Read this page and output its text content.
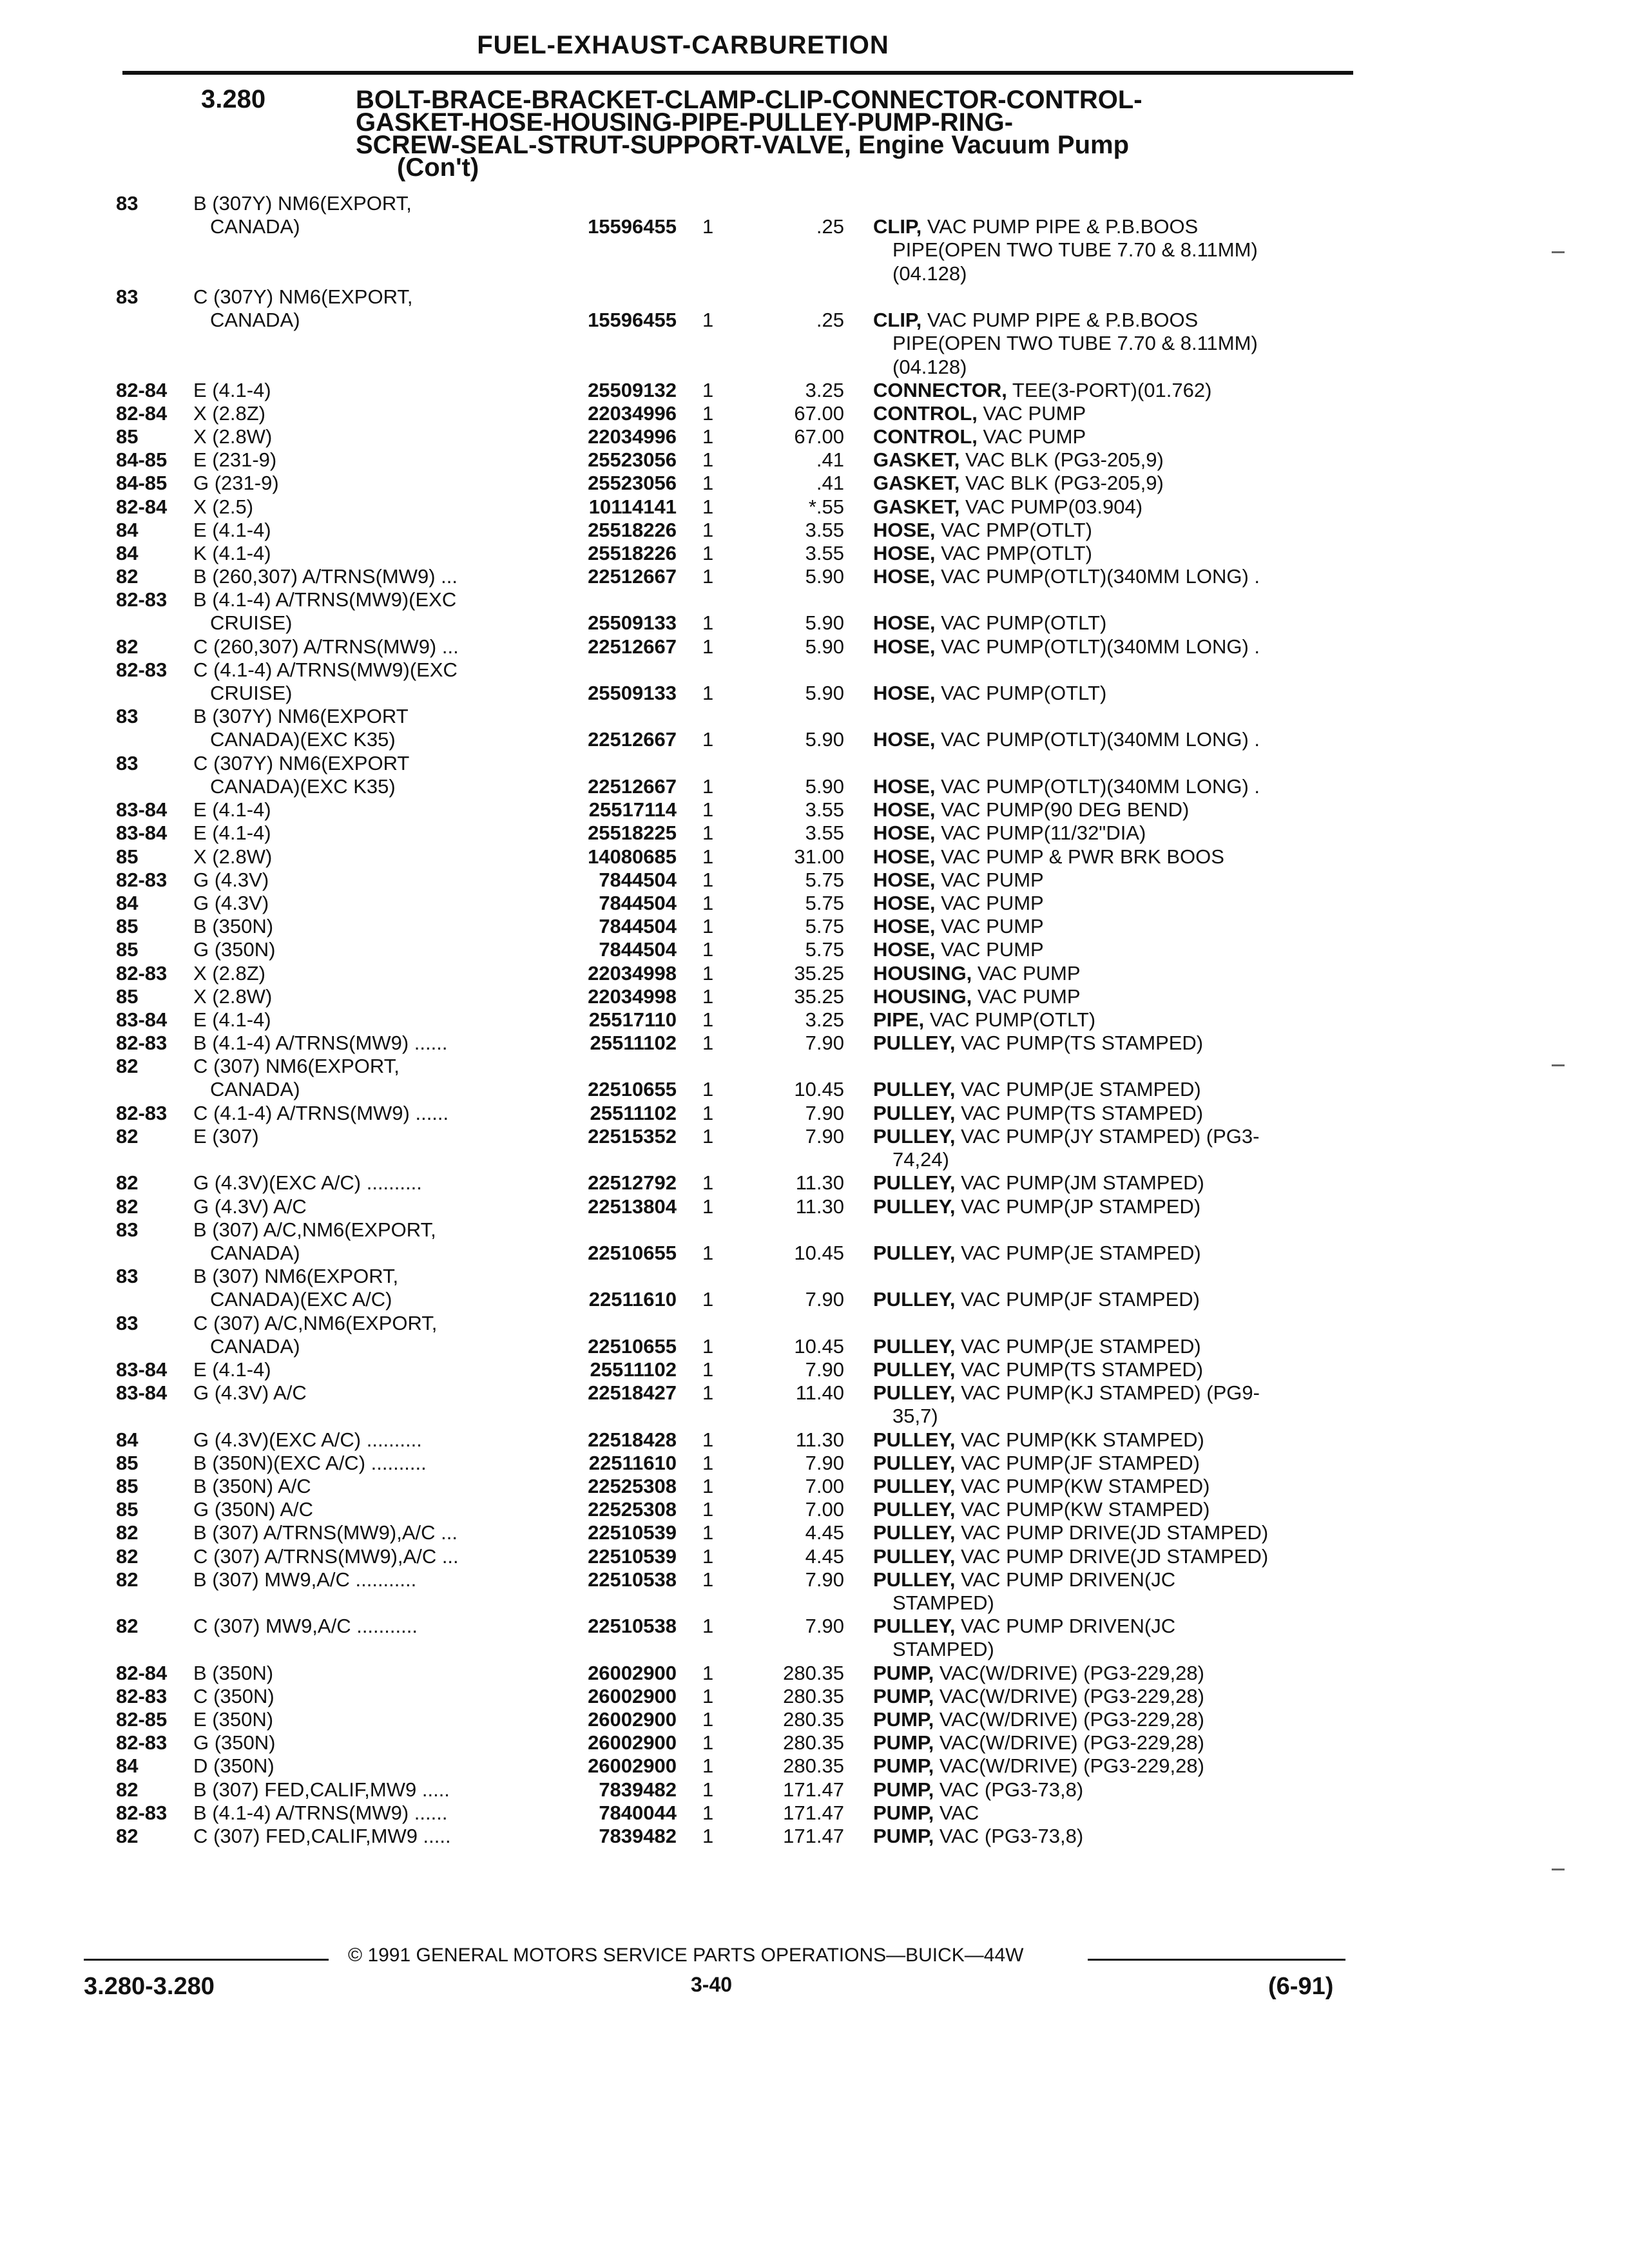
FUEL-EXHAUST-CARBURETION
3.280	BOLT-BRACE-BRACKET-CLAMP-CLIP-CONNECTOR-CONTROL-
GASKET-HOSE-HOUSING-PIPE-PULLEY-PUMP-RING-
SCREW-SEAL-STRUT-SUPPORT-VALVE, Engine Vacuum Pump
(Con't)
83	B (307Y) NM6(EXPORT,
CANADA)	15596455 1	.25 CLIP, VAC PUMP PIPE & P.B.BOOS
PIPE(OPEN TWO TUBE 7.70 & 8.11MM)
(04.128)
83	C (307Y) NM6(EXPORT,
CANADA)	15596455 1	.25 CLIP, VAC PUMP PIPE & P.B.BOOS
PIPE(OPEN TWO TUBE 7.70 & 8.11MM)
(04.128)
82-84 E (4.1-4)	25509132 1	3.25 CONNECTOR, TEE(3-PORT)(01.762)
82-84 X (2.8Z)	22034996 1	67.00 CONTROL, VAC PUMP
85	X (2.8W)	22034996 1	67.00 CONTROL, VAC PUMP
84-85 E (231-9)	25523056 1	.41 GASKET, VAC BLK (PG3-205,9)
84-85 G (231-9)	25523056 1	.41 GASKET, VAC BLK (PG3-205,9)
82-84 X (2.5)	10114141 1	*.55 GASKET, VAC PUMP(03.904)
84	E (4.1-4)	25518226 1	3.55 HOSE, VAC PMP(OTLT)
84	K (4.1-4)	25518226 1	3.55 HOSE, VAC PMP(OTLT)
82	B (260,307) A/TRNS(MW9) ...	22512667 1	5.90 HOSE, VAC PUMP(OTLT)(340MM LONG) .
82-83 B (4.1-4) A/TRNS(MW9)(EXC
CRUISE)	25509133 1	5.90 HOSE, VAC PUMP(OTLT)
82	C (260,307) A/TRNS(MW9) ...	22512667 1	5.90 HOSE, VAC PUMP(OTLT)(340MM LONG) .
82-83 C (4.1-4) A/TRNS(MW9)(EXC
CRUISE)	25509133 1	5.90 HOSE, VAC PUMP(OTLT)
83	B (307Y) NM6(EXPORT
CANADA)(EXC K35)	22512667 1	5.90 HOSE, VAC PUMP(OTLT)(340MM LONG) .
83	C (307Y) NM6(EXPORT
CANADA)(EXC K35)	22512667 1	5.90 HOSE, VAC PUMP(OTLT)(340MM LONG) .
83-84 E (4.1-4)	25517114 1	3.55 HOSE, VAC PUMP(90 DEG BEND)
83-84 E (4.1-4)	25518225 1	3.55 HOSE, VAC PUMP(11/32"DIA)
85	X (2.8W)	14080685 1	31.00 HOSE, VAC PUMP & PWR BRK BOOS
82-83 G (4.3V)	7844504 1	5.75 HOSE, VAC PUMP
84	G (4.3V)	7844504 1	5.75 HOSE, VAC PUMP
85	B (350N)	7844504 1	5.75 HOSE, VAC PUMP
85	G (350N)	7844504 1	5.75 HOSE, VAC PUMP
82-83 X (2.8Z)	22034998 1	35.25 HOUSING, VAC PUMP
85	X (2.8W)	22034998 1	35.25 HOUSING, VAC PUMP
83-84 E (4.1-4)	25517110 1	3.25 PIPE, VAC PUMP(OTLT)
82-83 B (4.1-4) A/TRNS(MW9) ......	25511102 1	7.90 PULLEY, VAC PUMP(TS STAMPED)
82	C (307) NM6(EXPORT,
CANADA)	22510655 1	10.45 PULLEY, VAC PUMP(JE STAMPED)
82-83 C (4.1-4) A/TRNS(MW9) ......	25511102 1	7.90 PULLEY, VAC PUMP(TS STAMPED)
82	E (307)	22515352 1	7.90 PULLEY, VAC PUMP(JY STAMPED) (PG3-
74,24)
82	G (4.3V)(EXC A/C) ..........	22512792 1	11.30 PULLEY, VAC PUMP(JM STAMPED)
82	G (4.3V) A/C	22513804 1	11.30 PULLEY, VAC PUMP(JP STAMPED)
83	B (307) A/C,NM6(EXPORT,
CANADA)	22510655 1	10.45 PULLEY, VAC PUMP(JE STAMPED)
83	B (307) NM6(EXPORT,
CANADA)(EXC A/C)	22511610 1	7.90 PULLEY, VAC PUMP(JF STAMPED)
83	C (307) A/C,NM6(EXPORT,
CANADA)	22510655 1	10.45 PULLEY, VAC PUMP(JE STAMPED)
83-84 E (4.1-4)	25511102 1	7.90 PULLEY, VAC PUMP(TS STAMPED)
83-84 G (4.3V) A/C	22518427 1	11.40 PULLEY, VAC PUMP(KJ STAMPED) (PG9-
35,7)
84	G (4.3V)(EXC A/C) ..........	22518428 1	11.30 PULLEY, VAC PUMP(KK STAMPED)
85	B (350N)(EXC A/C) ..........	22511610 1	7.90 PULLEY, VAC PUMP(JF STAMPED)
85	B (350N) A/C	22525308 1	7.00 PULLEY, VAC PUMP(KW STAMPED)
85	G (350N) A/C	22525308 1	7.00 PULLEY, VAC PUMP(KW STAMPED)
82	B (307) A/TRNS(MW9),A/C ...	22510539 1	4.45 PULLEY, VAC PUMP DRIVE(JD STAMPED)
82	C (307) A/TRNS(MW9),A/C ...	22510539 1	4.45 PULLEY, VAC PUMP DRIVE(JD STAMPED)
82	B (307) MW9,A/C ...........	22510538 1	7.90 PULLEY, VAC PUMP DRIVEN(JC
STAMPED)
82	C (307) MW9,A/C ...........	22510538 1	7.90 PULLEY, VAC PUMP DRIVEN(JC
STAMPED)
82-84 B (350N)	26002900 1	280.35 PUMP, VAC(W/DRIVE) (PG3-229,28)
82-83 C (350N)	26002900 1	280.35 PUMP, VAC(W/DRIVE) (PG3-229,28)
82-85 E (350N)	26002900 1	280.35 PUMP, VAC(W/DRIVE) (PG3-229,28)
82-83 G (350N)	26002900 1	280.35 PUMP, VAC(W/DRIVE) (PG3-229,28)
84	D (350N)	26002900 1	280.35 PUMP, VAC(W/DRIVE) (PG3-229,28)
82	B (307) FED,CALIF,MW9 .....	7839482 1	171.47 PUMP, VAC (PG3-73,8)
82-83 B (4.1-4) A/TRNS(MW9) ......	7840044 1	171.47 PUMP, VAC
82	C (307) FED,CALIF,MW9 .....	7839482 1	171.47 PUMP, VAC (PG3-73,8)
© 1991 GENERAL MOTORS SERVICE PARTS OPERATIONS—BUICK—44W
3.280-3.280	3-40	(6-91)
